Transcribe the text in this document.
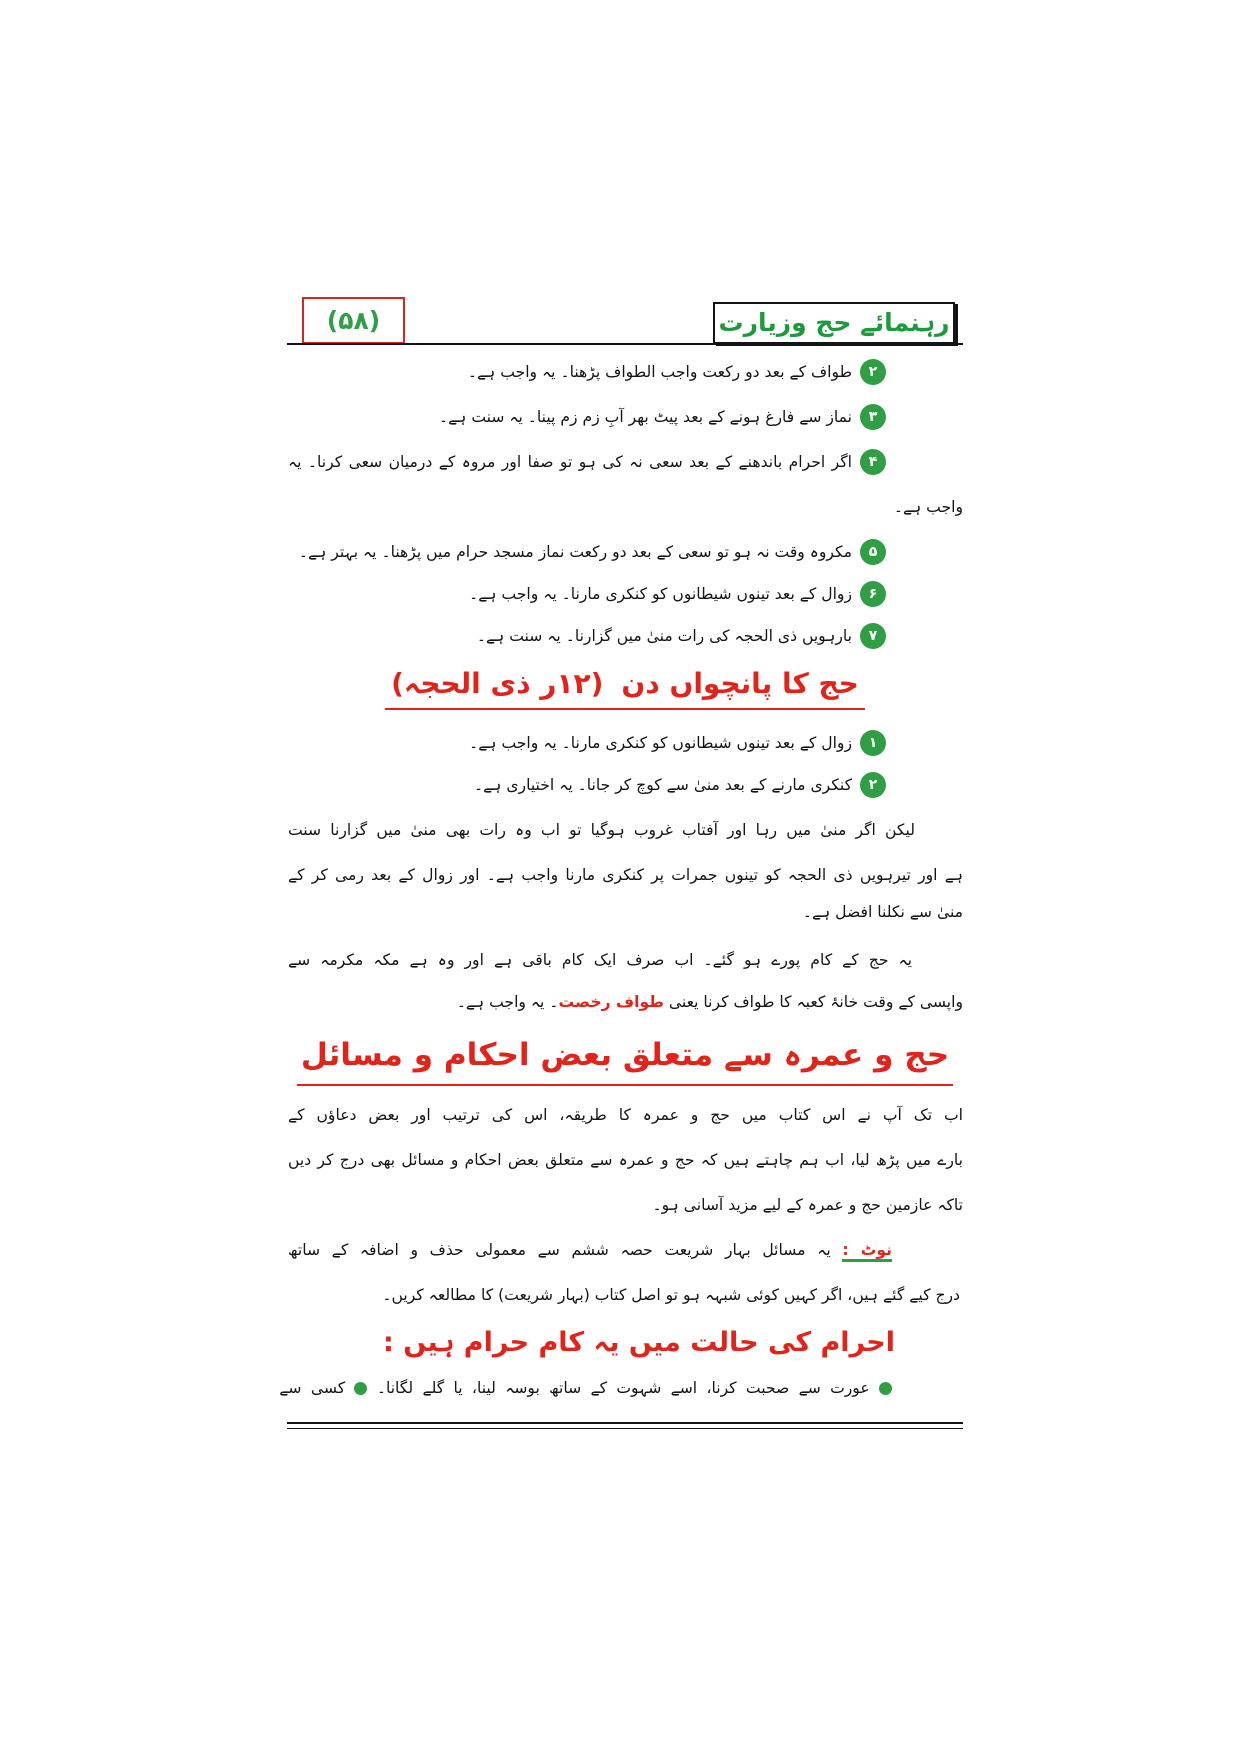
(۵۸)	رہنمائے حج وزیارت
۲
طواف کے بعد دو رکعت واجب الطواف پڑھنا۔ یہ واجب ہے۔
۳
نماز سے فارغ ہونے کے بعد پیٹ بھر آبِ زم زم پینا۔ یہ سنت ہے۔
۴
اگر احرام باندھنے کے بعد سعی نہ کی ہو تو صفا اور مروہ کے درمیان سعی کرنا۔ یہ
واجب ہے۔
۵
مکروہ وقت نہ ہو تو سعی کے بعد دو رکعت نماز مسجد حرام میں پڑھنا۔ یہ بہتر ہے۔
۶
زوال کے بعد تینوں شیطانوں کو کنکری مارنا۔ یہ واجب ہے۔
۷
بارہویں ذی الحجہ کی رات منیٰ میں گزارنا۔ یہ سنت ہے۔
حج کا پانچواں دن(۱۲ر ذی الحجہ)
۱
زوال کے بعد تینوں شیطانوں کو کنکری مارنا۔ یہ واجب ہے۔
۲
کنکری مارنے کے بعد منیٰ سے کوچ کر جانا۔ یہ اختیاری ہے۔
لیکن اگر منیٰ میں رہا اور آفتاب غروب ہوگیا تو اب وہ رات بھی منیٰ میں گزارنا سنت
ہے اور تیرہویں ذی الحجہ کو تینوں جمرات پر کنکری مارنا واجب ہے۔ اور زوال کے بعد رمی کر کے
منیٰ سے نکلنا افضل ہے۔
یہ حج کے کام پورے ہو گئے۔ اب صرف ایک کام باقی ہے اور وہ ہے مکہ مکرمہ سے
واپسی کے وقت خانۂ کعبہ کا طواف کرنا یعنی طواف رخصت۔ یہ واجب ہے۔
حج و عمرہ سے متعلق بعض احکام و مسائل
اب تک آپ نے اس کتاب میں حج و عمرہ کا طریقہ، اس کی ترتیب اور بعض دعاؤں کے
بارے میں پڑھ لیا، اب ہم چاہتے ہیں کہ حج و عمرہ سے متعلق بعض احکام و مسائل بھی درج کر دیں
تاکہ عازمین حج و عمرہ کے لیے مزید آسانی ہو۔
نوٹ : یہ مسائل بہار شریعت حصہ ششم سے معمولی حذف و اضافہ کے ساتھ
درج کیے گئے ہیں، اگر کہیں کوئی شبہہ ہو تو اصل کتاب (بہار شریعت) کا مطالعہ کریں۔
احرام کی حالت میں یہ کام حرام ہیں :
عورت سے صحبت کرنا، اسے شہوت کے ساتھ بوسہ لینا، یا گلے لگانا۔  کسی سے
